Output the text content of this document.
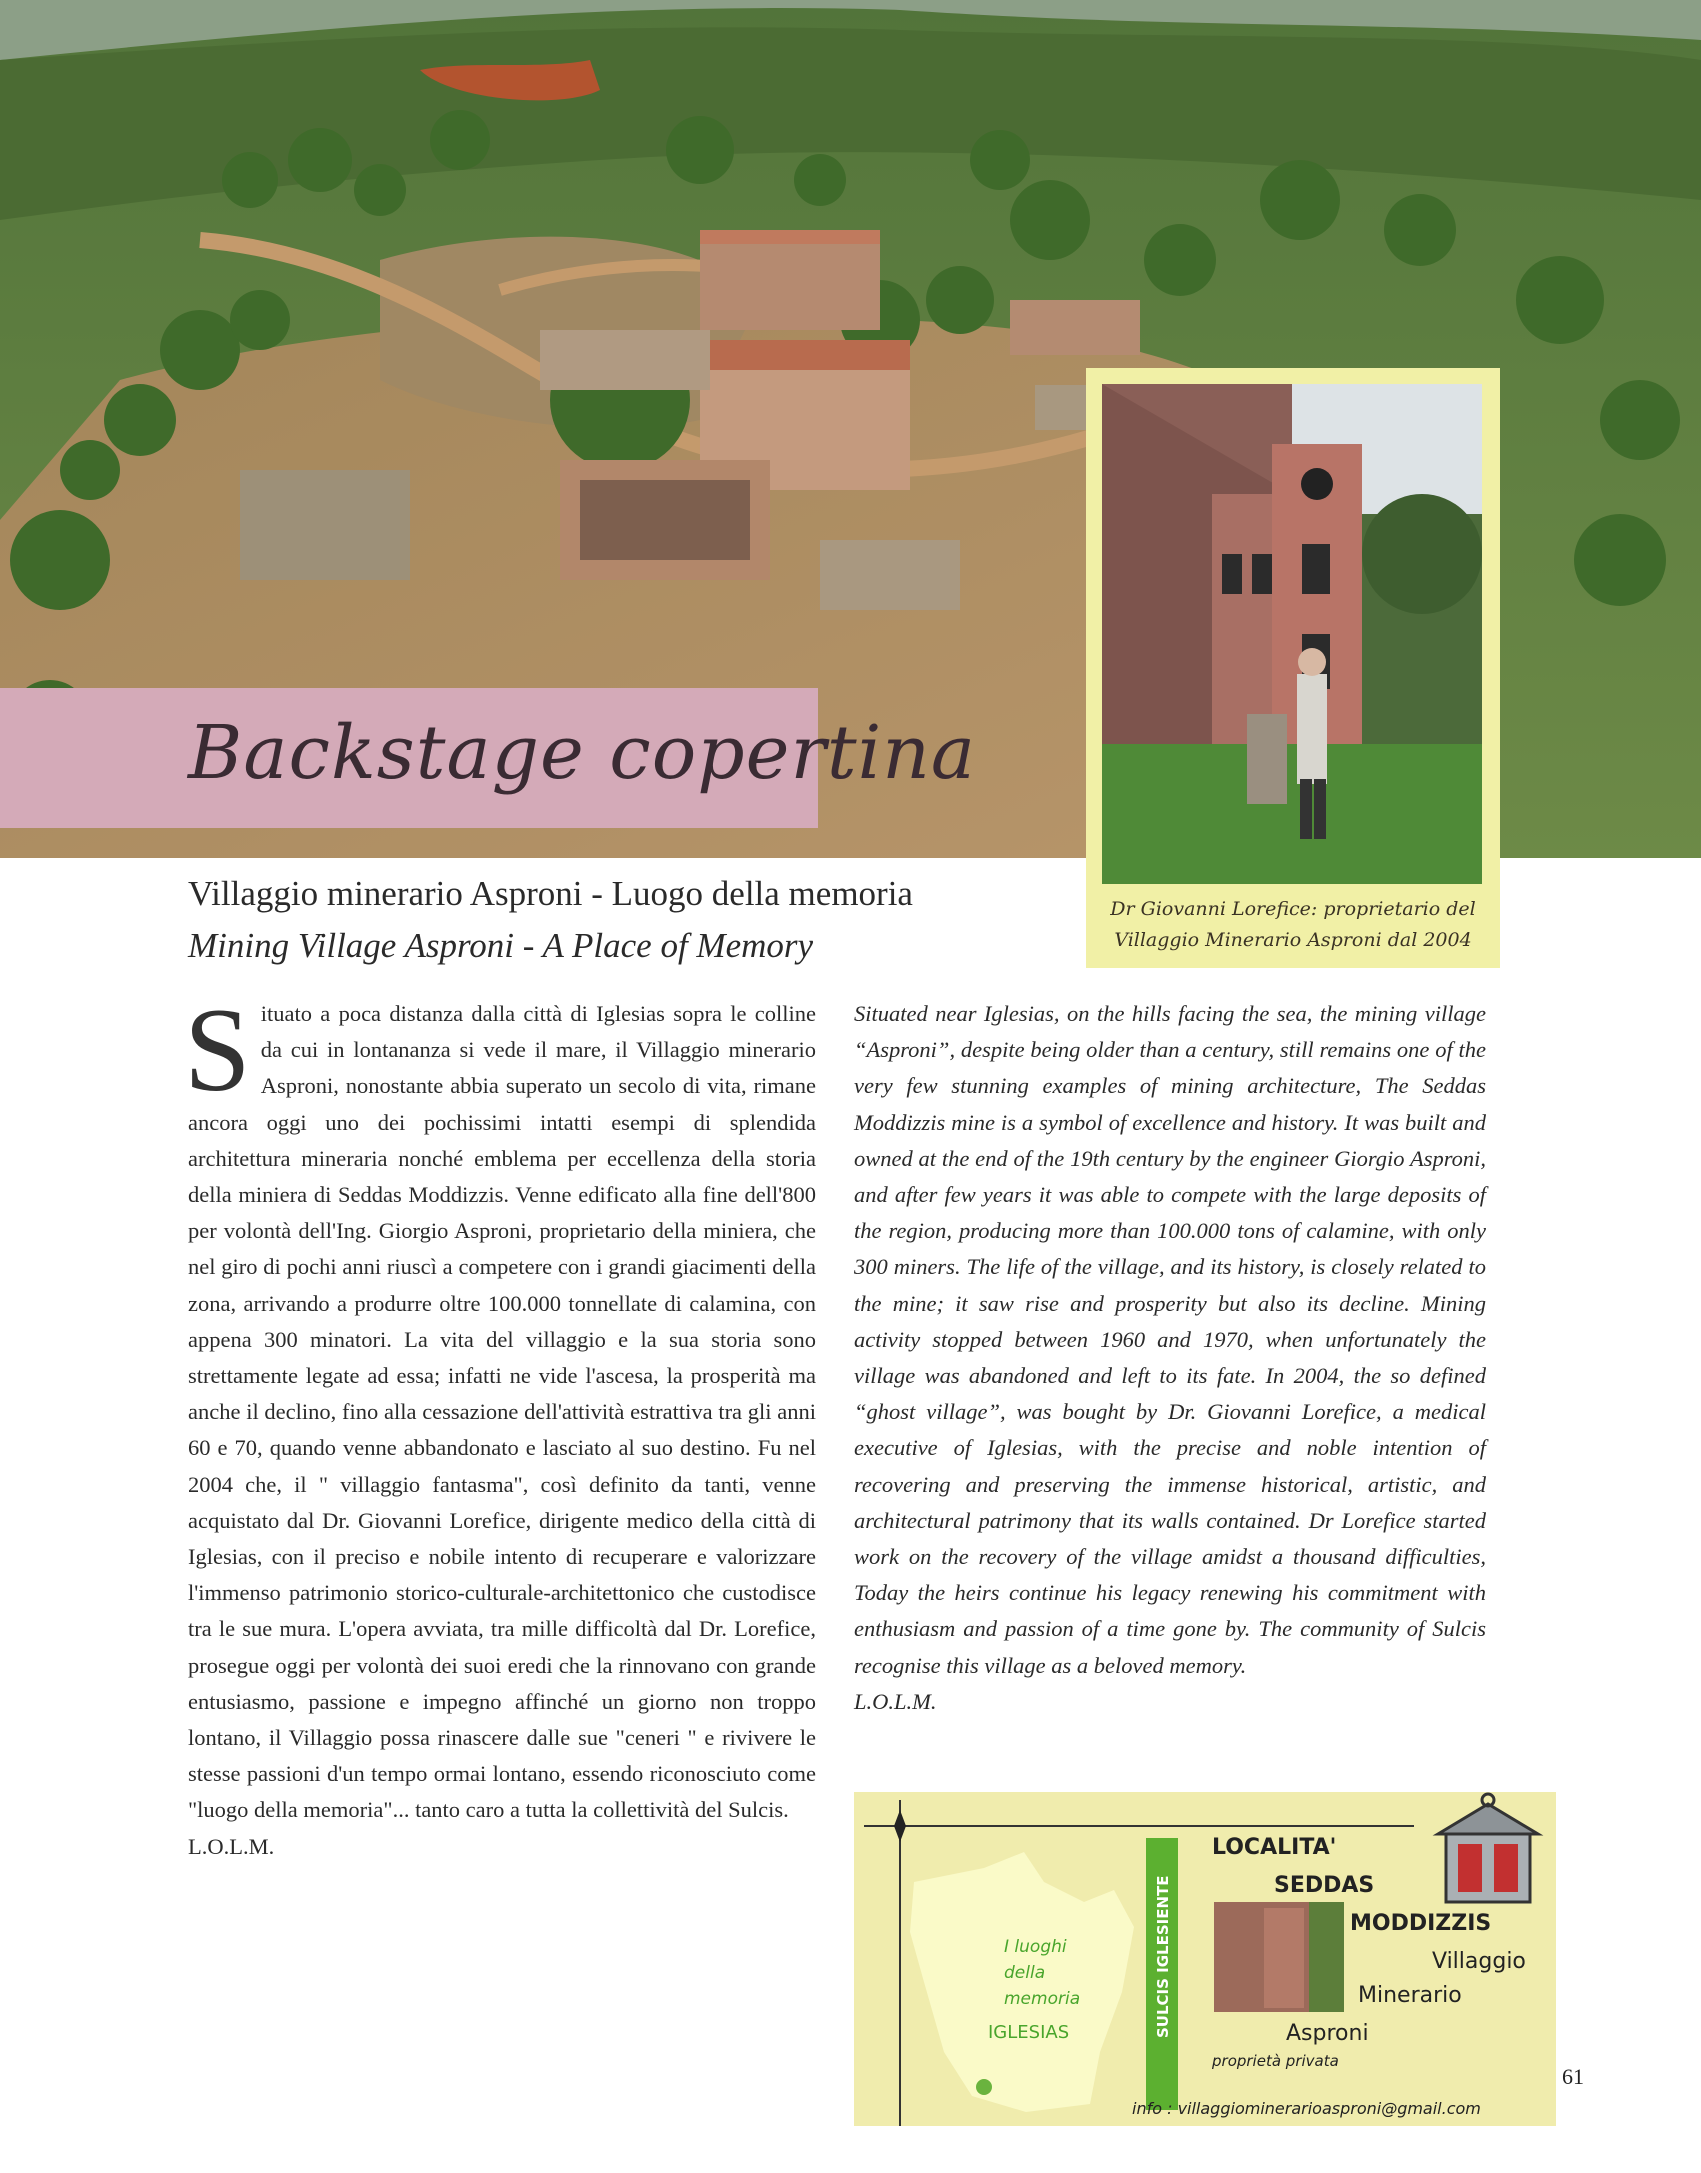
Backstage copertina
Dr Giovanni Lorefice: proprietario del Villaggio Minerario Asproni dal 2004
Villaggio minerario Asproni - Luogo della memoria
Mining Village Asproni - A Place of Memory
S ituato a poca distanza dalla città di Iglesias sopra le colline da cui in lontananza si vede il mare, il Villaggio minerario Asproni, nonostante abbia superato un secolo di vita, rimane ancora oggi uno dei pochissimi intatti esempi di splendida architettura mineraria nonché emblema per eccellenza della storia della miniera di Seddas Moddizzis. Venne edificato alla fine dell'800 per volontà dell'Ing. Giorgio Asproni, proprietario della miniera, che nel giro di pochi anni riuscì a competere con i grandi giacimenti della zona, arrivando a produrre oltre 100.000 tonnellate di calamina, con appena 300 minatori. La vita del villaggio e la sua storia sono strettamente legate ad essa; infatti ne vide l'ascesa, la prosperità ma anche il declino, fino alla cessazione dell'attività estrattiva tra gli anni 60 e 70, quando venne abbandonato e lasciato al suo destino. Fu nel 2004 che, il " villaggio fantasma", così definito da tanti, venne acquistato dal Dr. Giovanni Lorefice, dirigente medico della città di Iglesias, con il preciso e nobile intento di recuperare e valorizzare l'immenso patrimonio storico-culturale-architettonico che custodisce tra le sue mura. L'opera avviata, tra mille difficoltà dal Dr. Lorefice, prosegue oggi per volontà dei suoi eredi che la rinnovano con grande entusiasmo, passione e impegno affinché un giorno non troppo lontano, il Villaggio possa rinascere dalle sue "ceneri " e rivivere le stesse passioni d'un tempo ormai lontano, essendo riconosciuto come "luogo della memoria"... tanto caro a tutta la collettività del Sulcis.
L.O.L.M.
Situated near Iglesias, on the hills facing the sea, the mining village “Asproni”, despite being older than a century, still remains one of the very few stunning examples of mining architecture, The Seddas Moddizzis mine is a symbol of excellence and history. It was built and owned at the end of the 19th century by the engineer Giorgio Asproni, and after few years it was able to compete with the large deposits of the region, producing more than 100.000 tons of calamine, with only 300 miners. The life of the village, and its history, is closely related to the mine; it saw rise and prosperity but also its decline. Mining activity stopped between 1960 and 1970, when unfortunately the village was abandoned and left to its fate. In 2004, the so defined “ghost village”, was bought by Dr. Giovanni Lorefice, a medical executive of Iglesias, with the precise and noble intention of recovering and preserving the immense historical, artistic, and architectural patrimony that its walls contained. Dr Lorefice started work on the recovery of the village amidst a thousand difficulties, Today the heirs continue his legacy renewing his commitment with enthusiasm and passion of a time gone by. The community of Sulcis recognise this village as a beloved memory.
L.O.L.M.
I luoghi
della
memoria
IGLESIAS	SULCIS IGLESIENTE
LOCALITA'
SEDDAS
MODDIZZIS
Villaggio
Minerario
Asproni
proprietà privata
info : villaggiominerarioasproni@gmail.com
61
